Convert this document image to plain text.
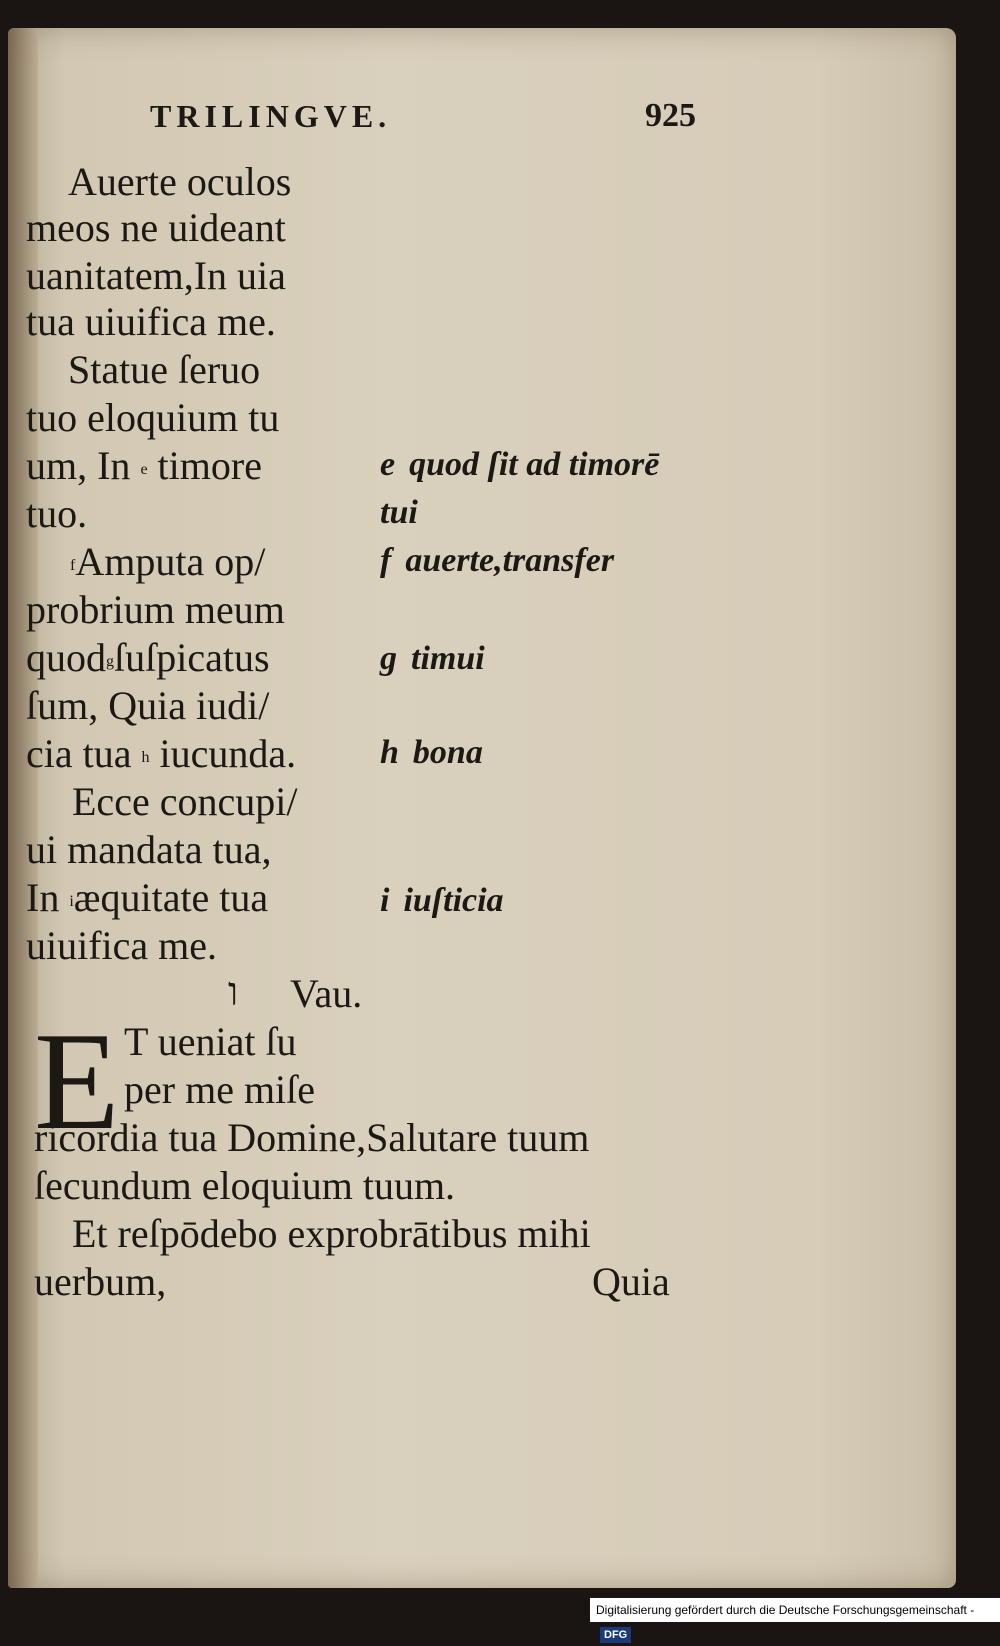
TRILINGVE.	925
Auerte oculos
meos ne uideant
uanitatem,In uia
tua uiuifica me.
Statue ſeruo
tuo eloquium tu
um, In $^e$ timore
tuo.
$^f$Amputa op/
probrium meum
quod$^g$ſuſpicatus
ſum, Quia iudi/
cia tua $^h$ iucunda.
Ecce concupi/
ui mandata tua,
In $^i$æquitate tua
uiuifica me.
ו Vau.
E T ueniat ſu
per me miſe
ricordia tua Domine,Salutare tuum
ſecundum eloquium tuum.
Et reſpōdebo exprobrātibus mihi
uerbum,	Quia
e quod ſit ad timorē
tui
f auerte,transfer
g timui
h bona
i iuſticia
Digitalisierung gefördert durch die Deutsche Forschungsgemeinschaft -DFG
